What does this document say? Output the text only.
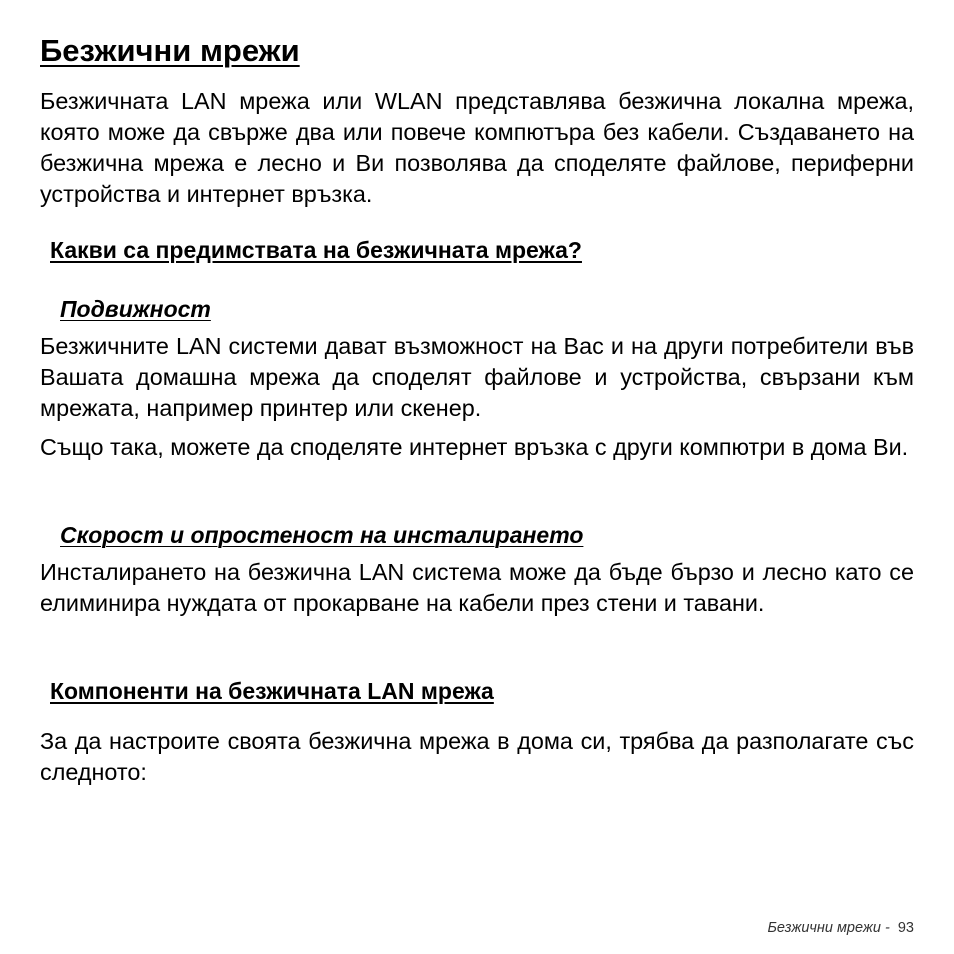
Безжични мрежи

Безжичната LAN мрежа или WLAN представлява безжична локална мрежа, която може да свърже два или повече компютъра без кабели. Създаването на безжична мрежа е лесно и Ви позволява да споделяте файлове, периферни устройства и интернет връзка.

Какви са предимствата на безжичната мрежа?
Подвижност

Безжичните LAN системи дават възможност на Вас и на други потребители във Вашата домашна мрежа да споделят файлове и устройства, свързани към мрежата, например принтер или скенер.

Също така, можете да споделяте интернет връзка с други компютри в дома Ви.

Скорост и опростеност на инсталирането

Инсталирането на безжична LAN система може да бъде бързо и лесно като се елиминира нуждата от прокарване на кабели през стени и тавани.

Компоненти на безжичната LAN мрежа

За да настроите своята безжична мрежа в дома си, трябва да разполагате със следното:

Безжични мрежи - 93
